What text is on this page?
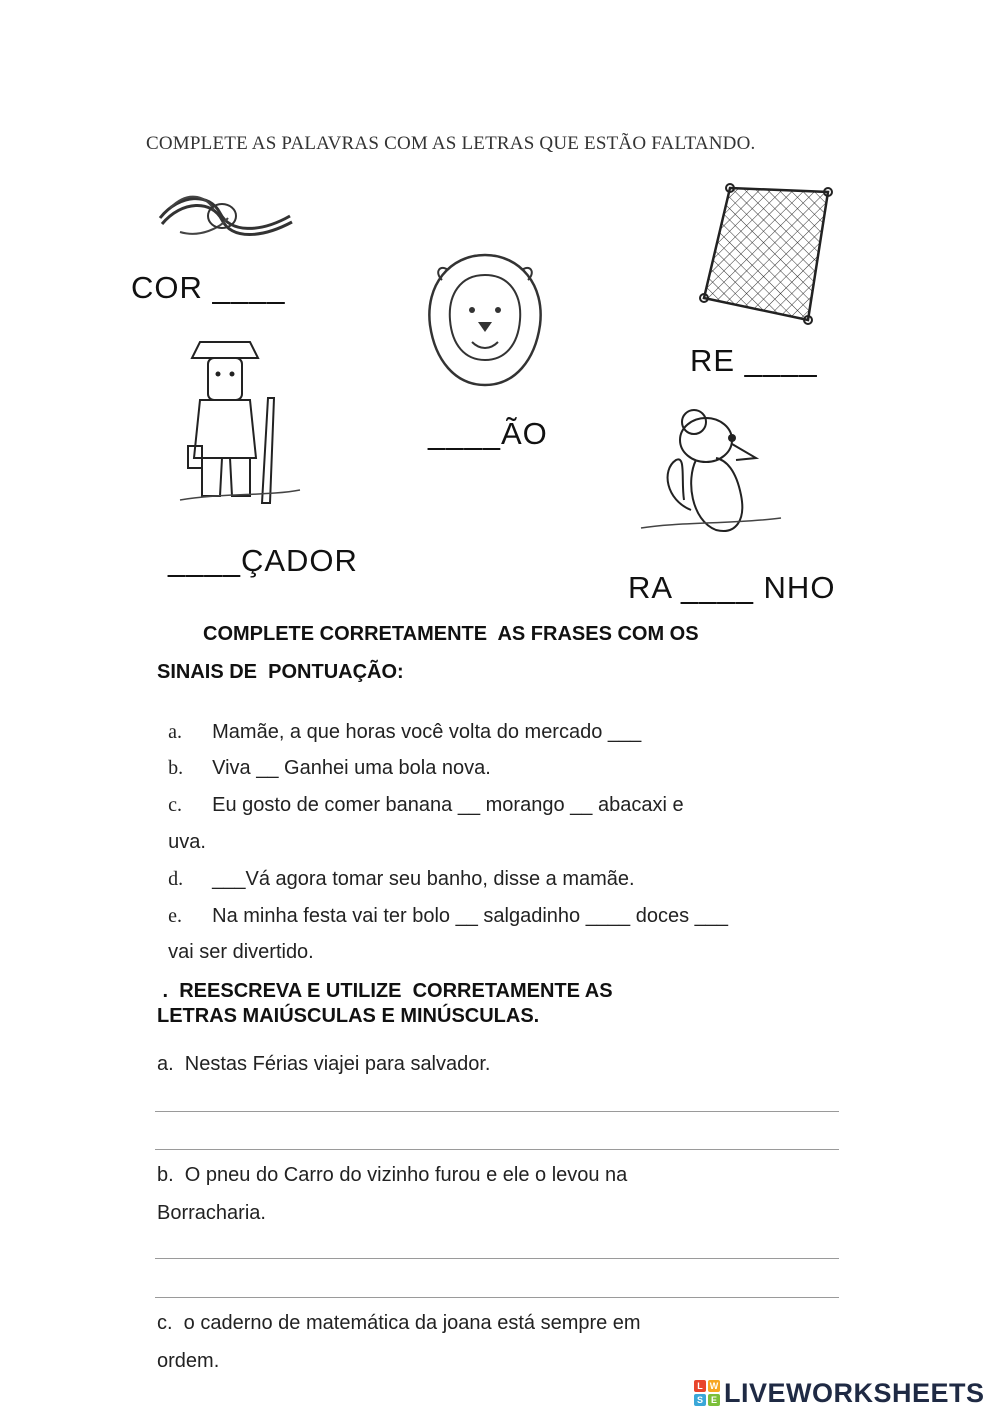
COMPLETE AS PALAVRAS COM AS LETRAS QUE ESTÃO FALTANDO.
COR ____
RE ____
____ÃO
____ÇADOR
RA ____ NHO
COMPLETE CORRETAMENTE  AS FRASES COM OS
SINAIS DE  PONTUAÇÃO:

a. Mamãe, a que horas você volta do mercado ___

b. Viva __ Ganhei uma bola nova.

c. Eu gosto de comer banana __ morango __ abacaxi e

uva.

d. ___Vá agora tomar seu banho, disse a mamãe.

e. Na minha festa vai ter bolo __ salgadinho ____ doces ___

vai ser divertido.

.  REESCREVA E UTILIZE  CORRETAMENTE AS
LETRAS MAIÚSCULAS E MINÚSCULAS.
a.  Nestas Férias viajei para salvador.
b.  O pneu do Carro do vizinho furou e ele o levou na
Borracharia.
c.  o caderno de matemática da joana está sempre em
ordem.
L W
S E LIVEWORKSHEETS
